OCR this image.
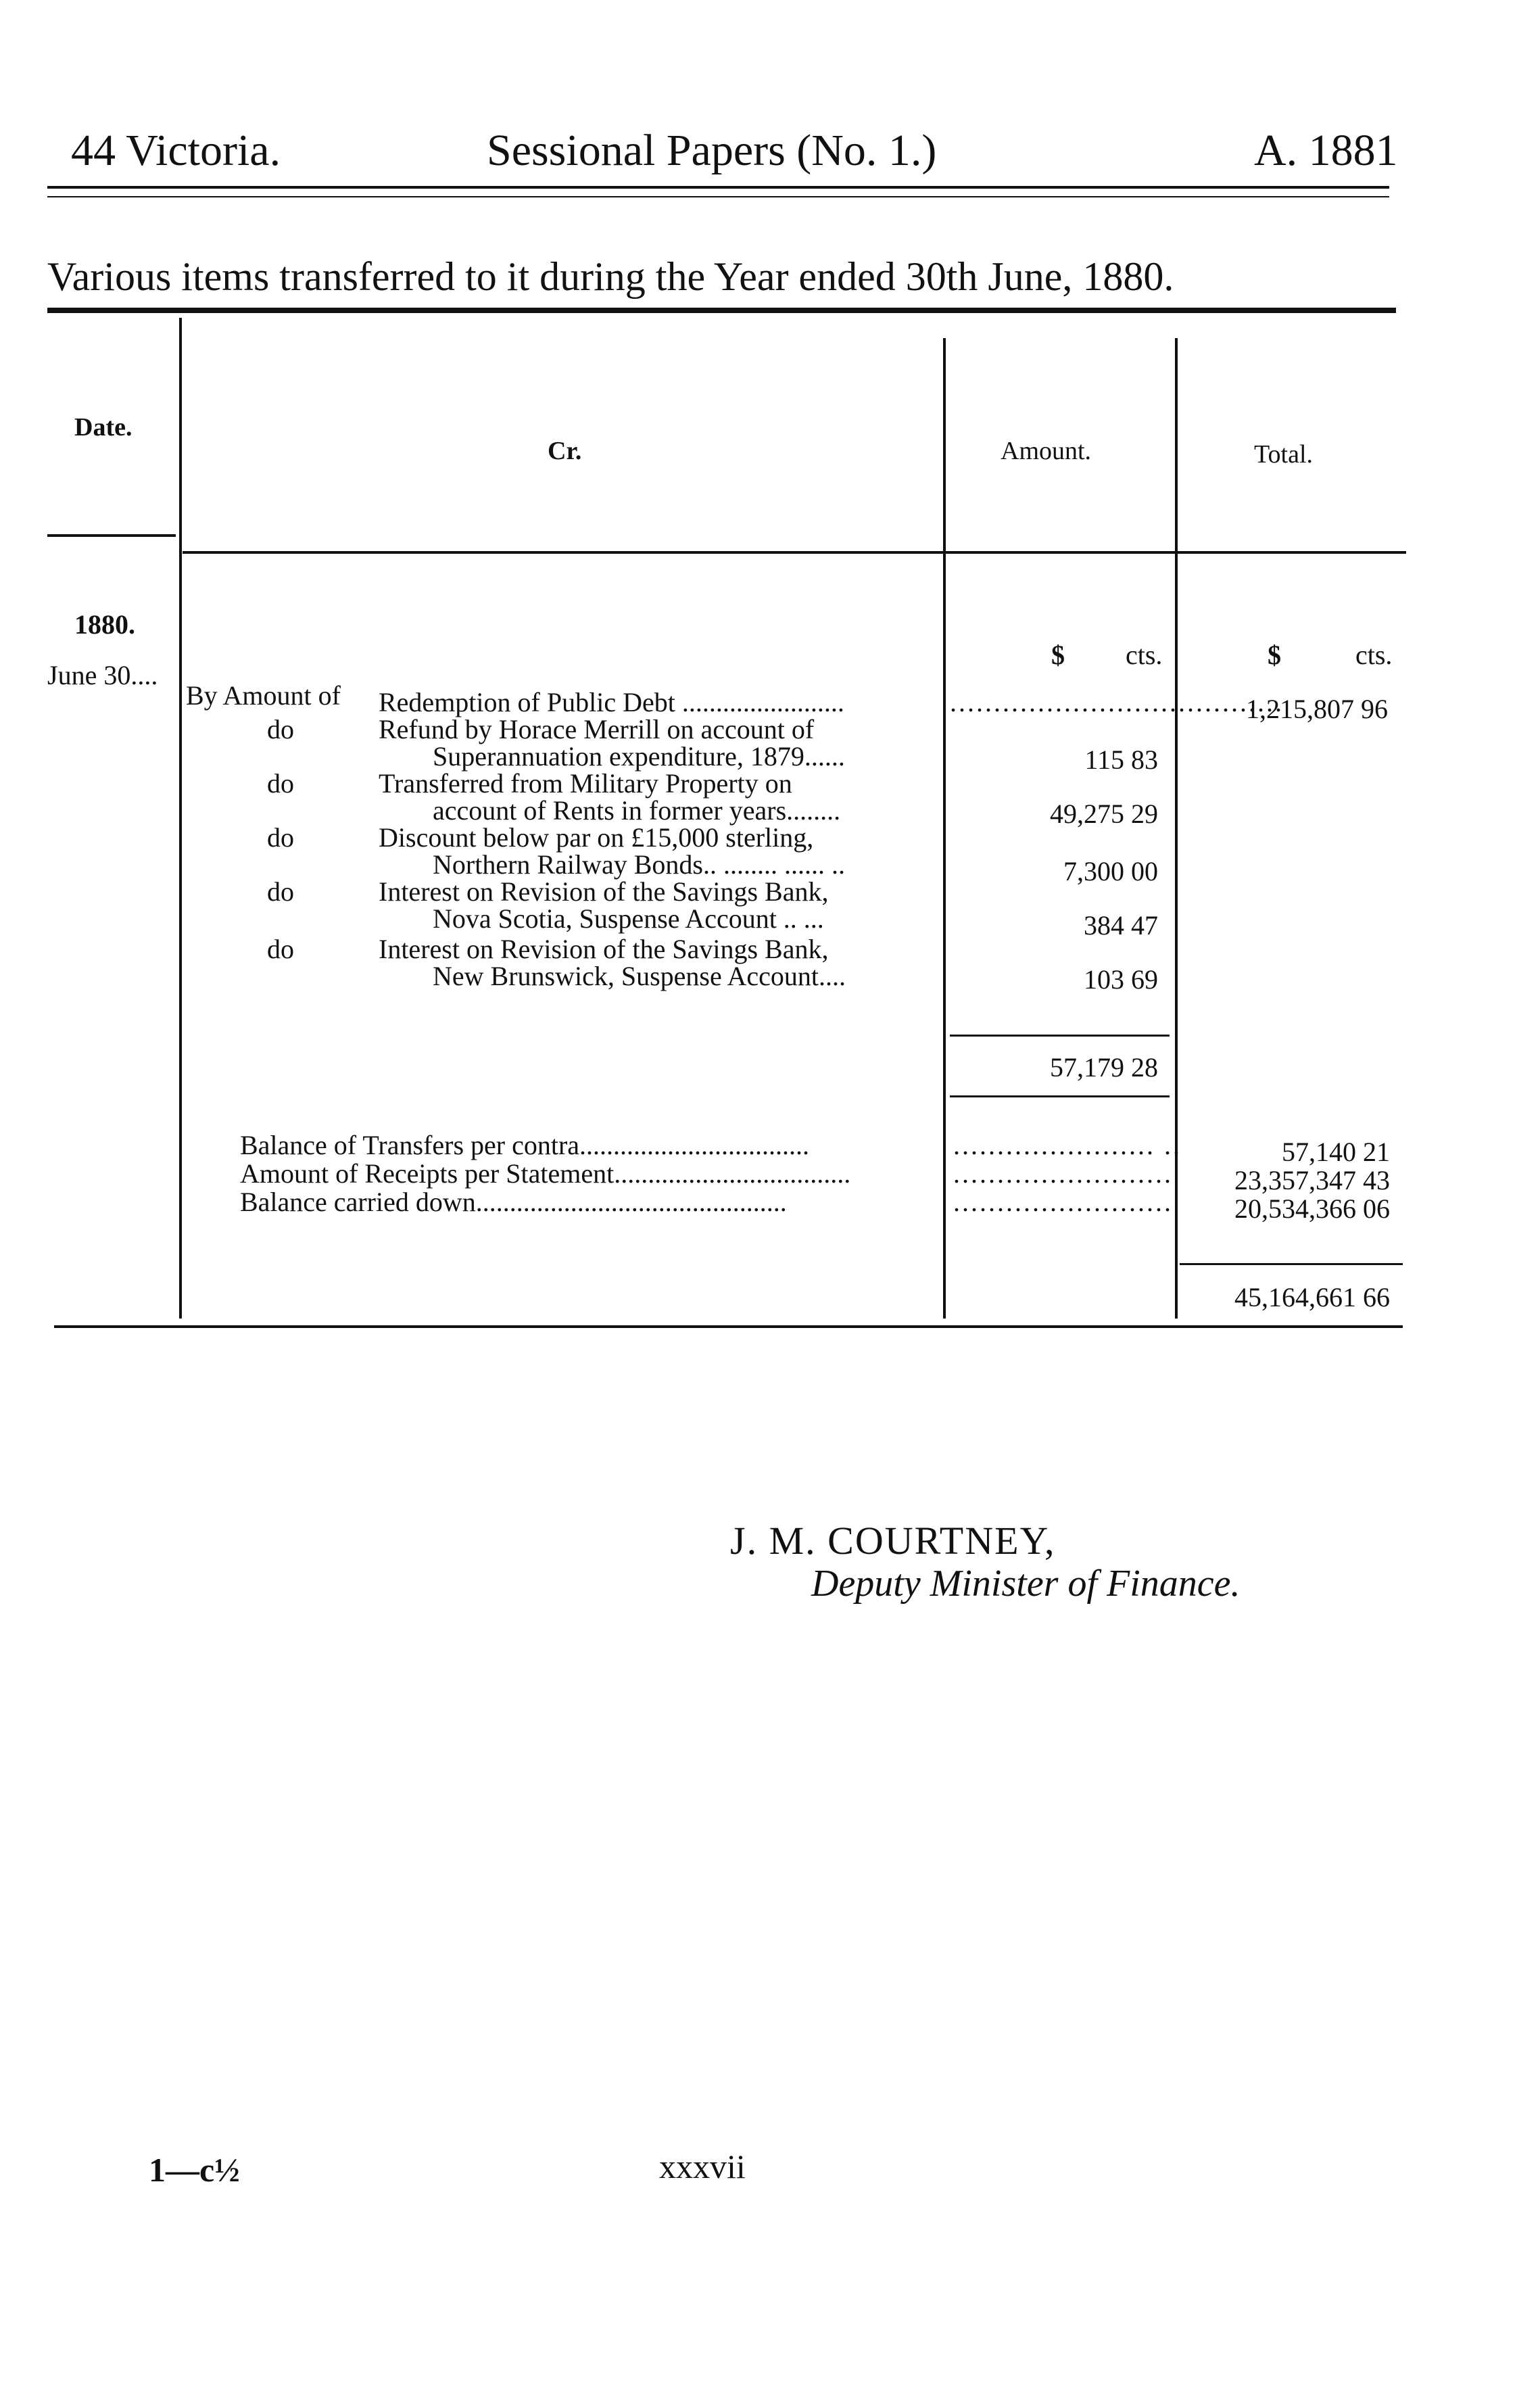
44 Victoria.	Sessional Papers (No. 1.)	A. 1881
Various items transferred to it during the Year ended 30th June, 1880.
Date.
Cr.	Amount.	Total.
1880.
June 30....
$ cts.	$	cts.
By Amount of Redemption of Public Debt ........................	......................................
1,215,807 96
do	Refund by Horace Merrill on account of
Superannuation expenditure, 1879......	115 83
do	Transferred from Military Property on
account of Rents in former years........	49,275 29
do	Discount below par on £15,000 sterling,
Northern Railway Bonds.. ........ ...... ..	7,300 00
do	Interest on Revision of the Savings Bank,
Nova Scotia, Suspense Account .. ...	384 47
do	Interest on Revision of the Savings Bank,
New Brunswick, Suspense Account....	103 69
57,179 28
Balance of Transfers per contra..................................	....................... ..	57,140 21
Amount of Receipts per Statement...................................	......................... 23,357,347 43
Balance carried down..............................................	......................... 20,534,366 06
45,164,661 66
J. M. COURTNEY,
Deputy Minister of Finance.
1—c½	xxxvii
